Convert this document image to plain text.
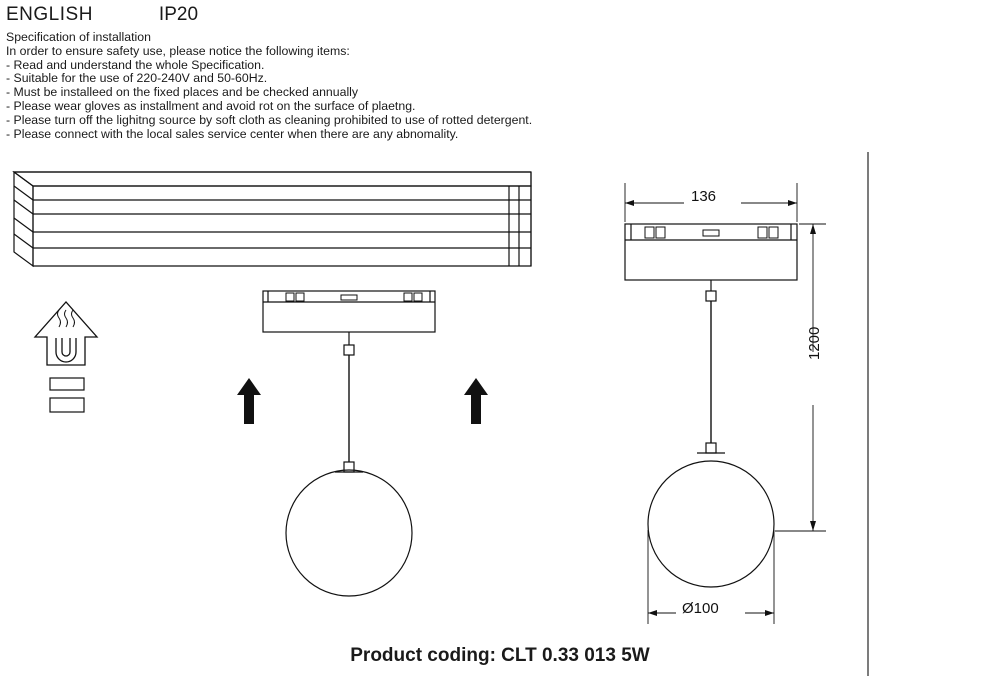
ENGLISH	IP20
Specification of installation
In order to ensure safety use, please notice the following items:
- Read and understand the whole Specification.
- Suitable for the use of 220-240V and 50-60Hz.
- Must be installeed on the fixed places and be checked annually
- Please wear gloves as installment and avoid rot on the surface of plaetng.
- Please turn off the lighitng source by soft cloth as cleaning prohibited to use of rotted detergent.
- Please connect with the local sales service center when there are any abnomality.
136
Ø100
1200
Product coding: CLT 0.33 013 5W
